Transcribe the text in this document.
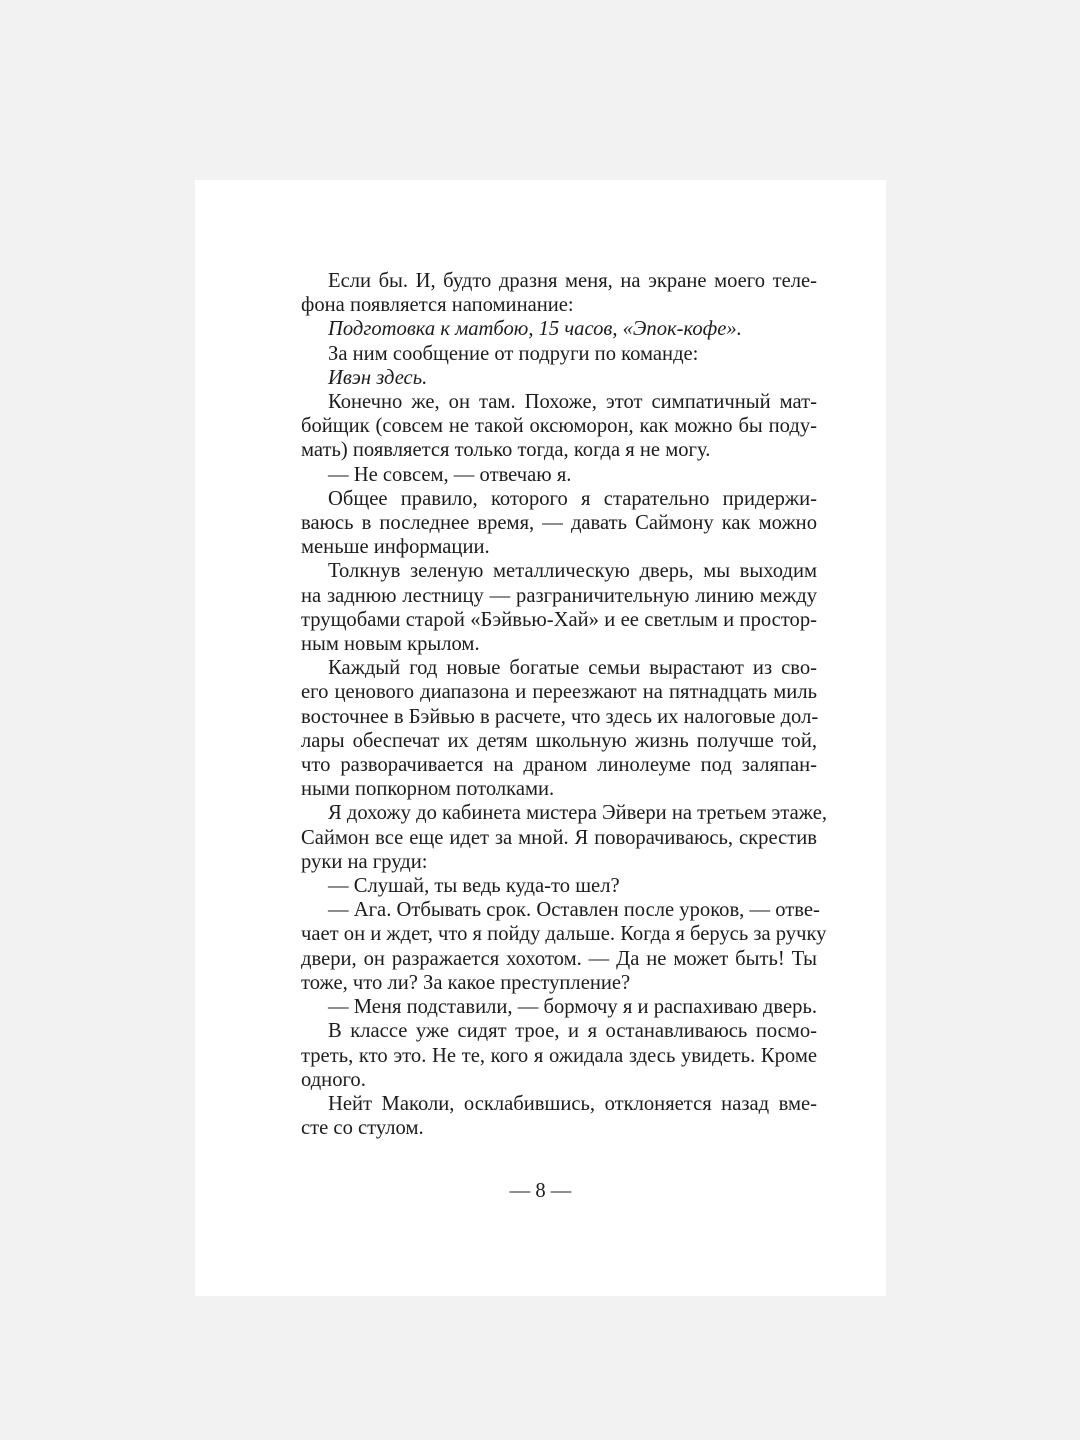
Если бы. И, будто дразня меня, на экране моего теле-
фона появляется напоминание:
Подготовка к матбою, 15 часов, «Эпок-кофе».
За ним сообщение от подруги по команде:
Ивэн здесь.
Конечно же, он там. Похоже, этот симпатичный мат-
бойщик (совсем не такой оксюморон, как можно бы поду-
мать) появляется только тогда, когда я не могу.
— Не совсем, — отвечаю я.
Общее правило, которого я старательно придержи-
ваюсь в последнее время, — давать Саймону как можно
меньше информации.
Толкнув зеленую металлическую дверь, мы выходим
на заднюю лестницу — разграничительную линию между
трущобами старой «Бэйвью-Хай» и ее светлым и простор-
ным новым крылом.
Каждый год новые богатые семьи вырастают из сво-
его ценового диапазона и переезжают на пятнадцать миль
восточнее в Бэйвью в расчете, что здесь их налоговые дол-
лары обеспечат их детям школьную жизнь получше той,
что разворачивается на драном линолеуме под заляпан-
ными попкорном потолками.
Я дохожу до кабинета мистера Эйвери на третьем этаже,
Саймон все еще идет за мной. Я поворачиваюсь, скрестив
руки на груди:
— Слушай, ты ведь куда-то шел?
— Ага. Отбывать срок. Оставлен после уроков, — отве-
чает он и ждет, что я пойду дальше. Когда я берусь за ручку
двери, он разражается хохотом. — Да не может быть! Ты
тоже, что ли? За какое преступление?
— Меня подставили, — бормочу я и распахиваю дверь.
В классе уже сидят трое, и я останавливаюсь посмо-
треть, кто это. Не те, кого я ожидала здесь увидеть. Кроме
одного.
Нейт Маколи, осклабившись, отклоняется назад вме-
сте со стулом.
— 8 —
